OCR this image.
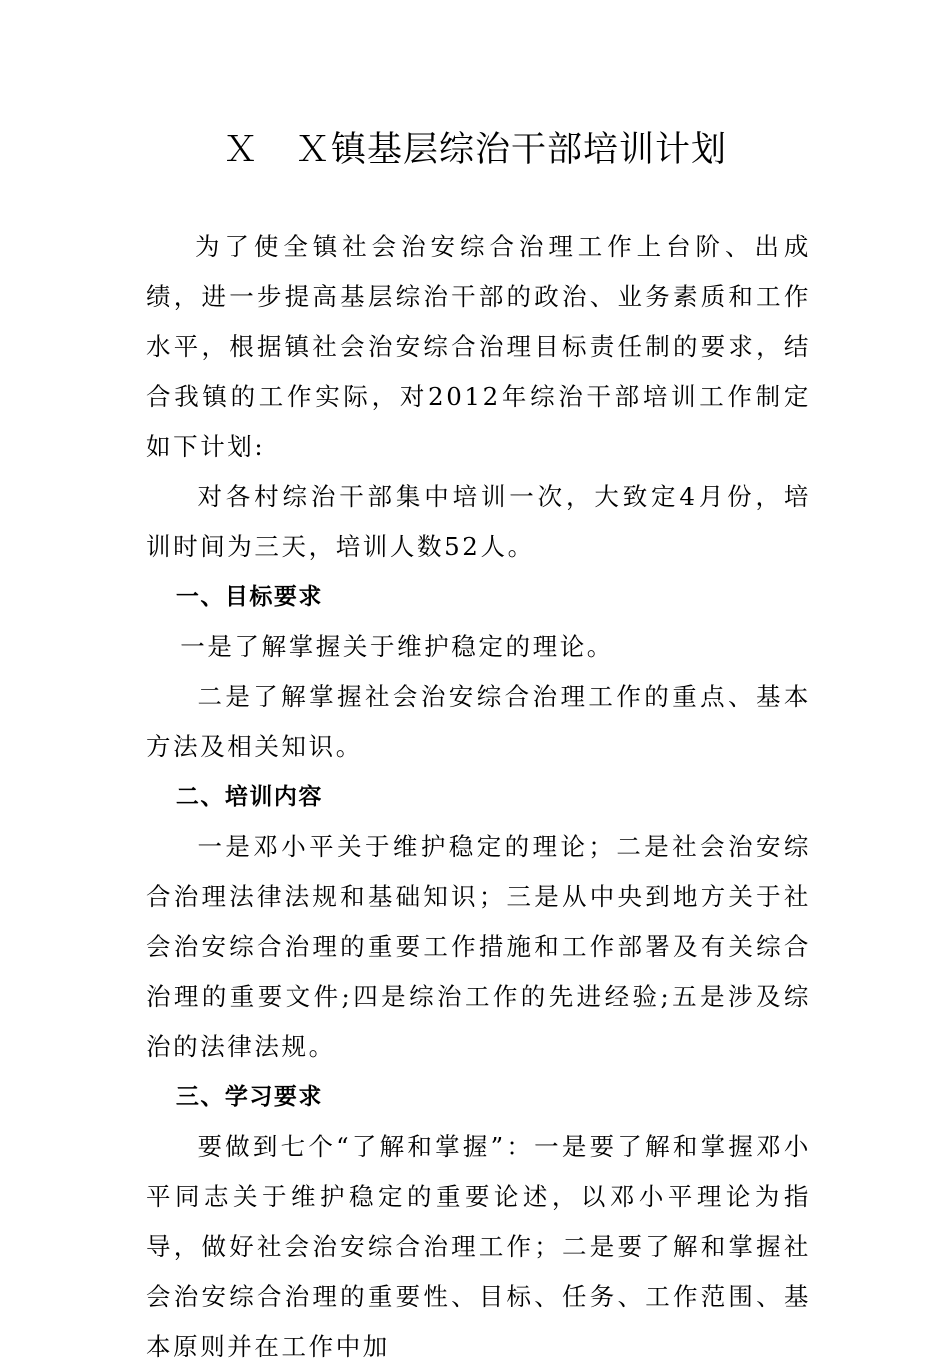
Ｘ　Ｘ镇基层综治干部培训计划

为了使全镇社会治安综合治理工作上台阶、出成绩，进一步提高基层综治干部的政治、业务素质和工作水平，根据镇社会治安综合治理目标责任制的要求，结合我镇的工作实际，对2012年综治干部培训工作制定如下计划:

对各村综治干部集中培训一次，大致定4月份，培训时间为三天，培训人数52人。

一、目标要求

一是了解掌握关于维护稳定的理论。

二是了解掌握社会治安综合治理工作的重点、基本方法及相关知识。

二、培训内容

一是邓小平关于维护稳定的理论；二是社会治安综合治理法律法规和基础知识；三是从中央到地方关于社会治安综合治理的重要工作措施和工作部署及有关综合治理的重要文件;四是综治工作的先进经验;五是涉及综治的法律法规。

三、学习要求

要做到七个“了解和掌握”：一是要了解和掌握邓小平同志关于维护稳定的重要论述，以邓小平理论为指导，做好社会治安综合治理工作；二是要了解和掌握社会治安综合治理的重要性、目标、任务、工作范围、基本原则并在工作中加
